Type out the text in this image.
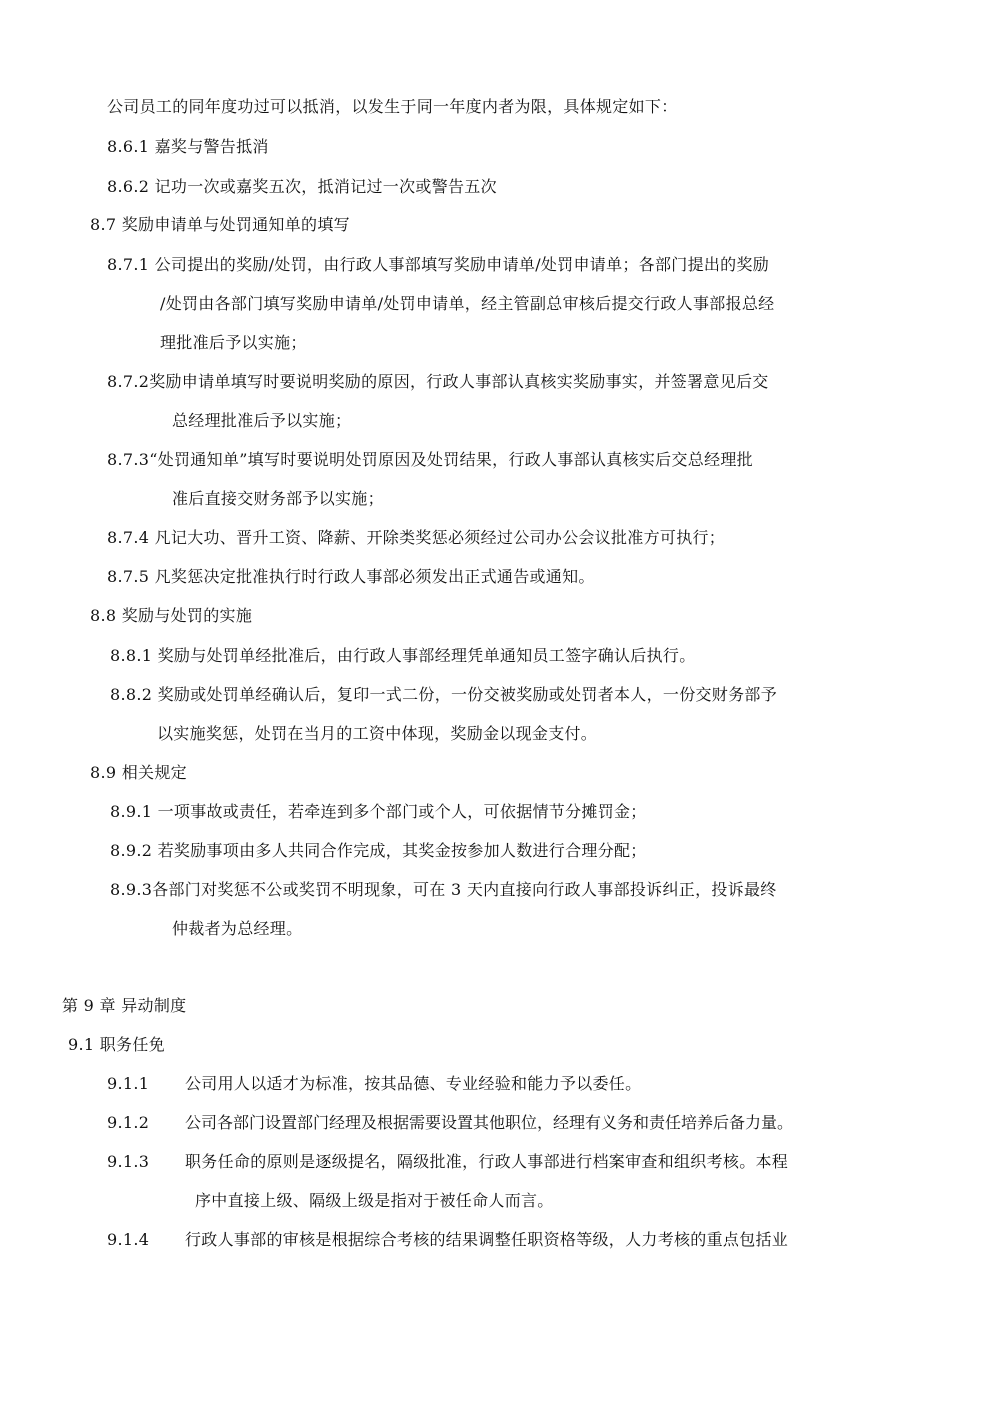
公司员工的同年度功过可以抵消，以发生于同一年度内者为限，具体规定如下：
8.6.1 嘉奖与警告抵消
8.6.2 记功一次或嘉奖五次，抵消记过一次或警告五次
8.7 奖励申请单与处罚通知单的填写
8.7.1 公司提出的奖励/处罚，由行政人事部填写奖励申请单/处罚申请单；各部门提出的奖励
/处罚由各部门填写奖励申请单/处罚申请单，经主管副总审核后提交行政人事部报总经
理批准后予以实施；
8.7.2奖励申请单填写时要说明奖励的原因，行政人事部认真核实奖励事实，并签署意见后交
总经理批准后予以实施；
8.7.3“处罚通知单”填写时要说明处罚原因及处罚结果，行政人事部认真核实后交总经理批
准后直接交财务部予以实施；
8.7.4 凡记大功、晋升工资、降薪、开除类奖惩必须经过公司办公会议批准方可执行；
8.7.5 凡奖惩决定批准执行时行政人事部必须发出正式通告或通知。
8.8 奖励与处罚的实施
8.8.1 奖励与处罚单经批准后，由行政人事部经理凭单通知员工签字确认后执行。
8.8.2 奖励或处罚单经确认后，复印一式二份，一份交被奖励或处罚者本人，一份交财务部予
以实施奖惩，处罚在当月的工资中体现，奖励金以现金支付。
8.9 相关规定
8.9.1 一项事故或责任，若牵连到多个部门或个人，可依据情节分摊罚金；
8.9.2 若奖励事项由多人共同合作完成，其奖金按参加人数进行合理分配；
8.9.3各部门对奖惩不公或奖罚不明现象，可在 3 天内直接向行政人事部投诉纠正，投诉最终
仲裁者为总经理。
第 9 章 异动制度
9.1 职务任免
9.1.1 公司用人以适才为标准，按其品德、专业经验和能力予以委任。
9.1.2 公司各部门设置部门经理及根据需要设置其他职位，经理有义务和责任培养后备力量。
9.1.3 职务任命的原则是逐级提名，隔级批准，行政人事部进行档案审查和组织考核。本程
序中直接上级、隔级上级是指对于被任命人而言。
9.1.4 行政人事部的审核是根据综合考核的结果调整任职资格等级，人力考核的重点包括业
